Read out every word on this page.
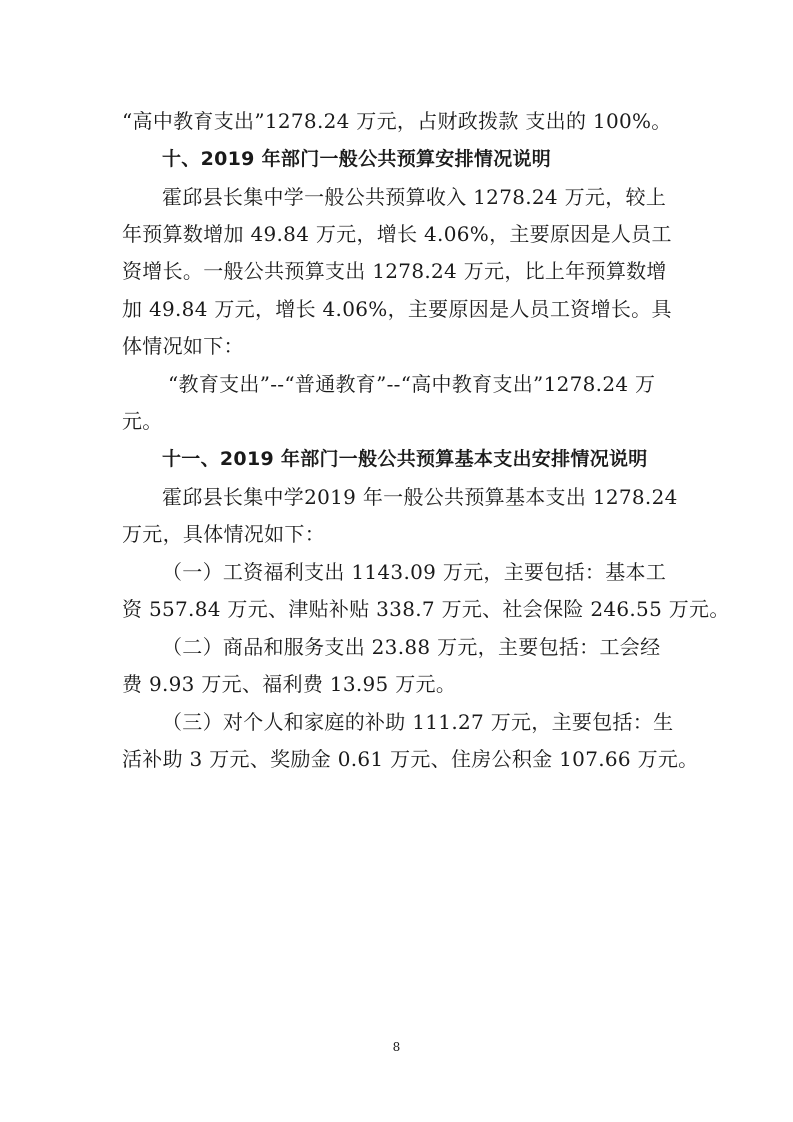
“高中教育支出”1278.24 万元，占财政拨款 支出的 100%。
十、2019 年部门一般公共预算安排情况说明
霍邱县长集中学一般公共预算收入 1278.24 万元，较上
年预算数增加 49.84 万元，增长 4.06%，主要原因是人员工
资增长。一般公共预算支出 1278.24 万元，比上年预算数增
加 49.84 万元，增长 4.06%，主要原因是人员工资增长。具
体情况如下：
“教育支出”--“普通教育”--“高中教育支出”1278.24 万
元。
十一、2019 年部门一般公共预算基本支出安排情况说明
霍邱县长集中学2019 年一般公共预算基本支出 1278.24
万元，具体情况如下：
（一）工资福利支出 1143.09 万元，主要包括：基本工
资 557.84 万元、津贴补贴 338.7 万元、社会保险 246.55 万元。
（二）商品和服务支出 23.88 万元，主要包括：工会经
费 9.93 万元、福利费 13.95 万元。
（三）对个人和家庭的补助 111.27 万元，主要包括：生
活补助 3 万元、奖励金 0.61 万元、住房公积金 107.66 万元。
8
